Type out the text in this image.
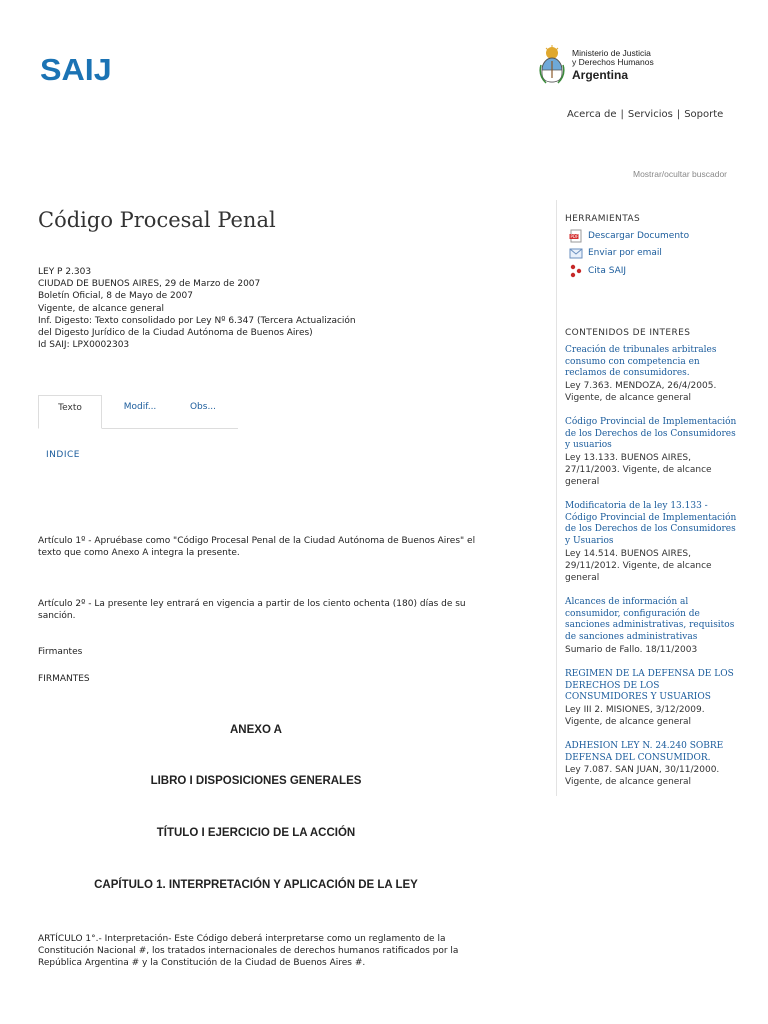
SAIJ	Ministerio de Justicia
y Derechos Humanos
Argentina
Acerca de | Servicios | Soporte
Mostrar/ocultar buscador
Código Procesal Penal
LEY P 2.303
CIUDAD DE BUENOS AIRES, 29 de Marzo de 2007
Boletín Oficial, 8 de Mayo de 2007
Vigente, de alcance general
Inf. Digesto: Texto consolidado por Ley Nº 6.347 (Tercera Actualización del Digesto Jurídico de la Ciudad Autónoma de Buenos Aires)
Id SAIJ: LPX0002303
Texto	Modif...	Obs...
INDICE
Artículo 1º - Apruébase como "Código Procesal Penal de la Ciudad Autónoma de Buenos Aires" el texto que como Anexo A integra la presente.
Artículo 2º - La presente ley entrará en vigencia a partir de los ciento ochenta (180) días de su sanción.
Firmantes
FIRMANTES
ANEXO A
LIBRO I DISPOSICIONES GENERALES
TÍTULO I EJERCICIO DE LA ACCIÓN
CAPÍTULO 1. INTERPRETACIÓN Y APLICACIÓN DE LA LEY
ARTÍCULO 1°.- Interpretación- Este Código deberá interpretarse como un reglamento de la Constitución Nacional #, los tratados internacionales de derechos humanos ratificados por la República Argentina # y la Constitución de la Ciudad de Buenos Aires #.
HERRAMIENTAS
PDF Descargar Documento
Enviar por email
Cita SAIJ
CONTENIDOS DE INTERES
Creación de tribunales arbitrales consumo con competencia en reclamos de consumidores.
Ley 7.363. MENDOZA, 26/4/2005. Vigente, de alcance general
Código Provincial de Implementación de los Derechos de los Consumidores y usuarios
Ley 13.133. BUENOS AIRES, 27/11/2003. Vigente, de alcance general
Modificatoria de la ley 13.133 - Código Provincial de Implementación de los Derechos de los Consumidores y Usuarios
Ley 14.514. BUENOS AIRES, 29/11/2012. Vigente, de alcance general
Alcances de información al consumidor, configuración de sanciones administrativas, requisitos de sanciones administrativas
Sumario de Fallo. 18/11/2003
REGIMEN DE LA DEFENSA DE LOS DERECHOS DE LOS CONSUMIDORES Y USUARIOS
Ley III 2. MISIONES, 3/12/2009. Vigente, de alcance general
ADHESION LEY N. 24.240 SOBRE DEFENSA DEL CONSUMIDOR.
Ley 7.087. SAN JUAN, 30/11/2000. Vigente, de alcance general
